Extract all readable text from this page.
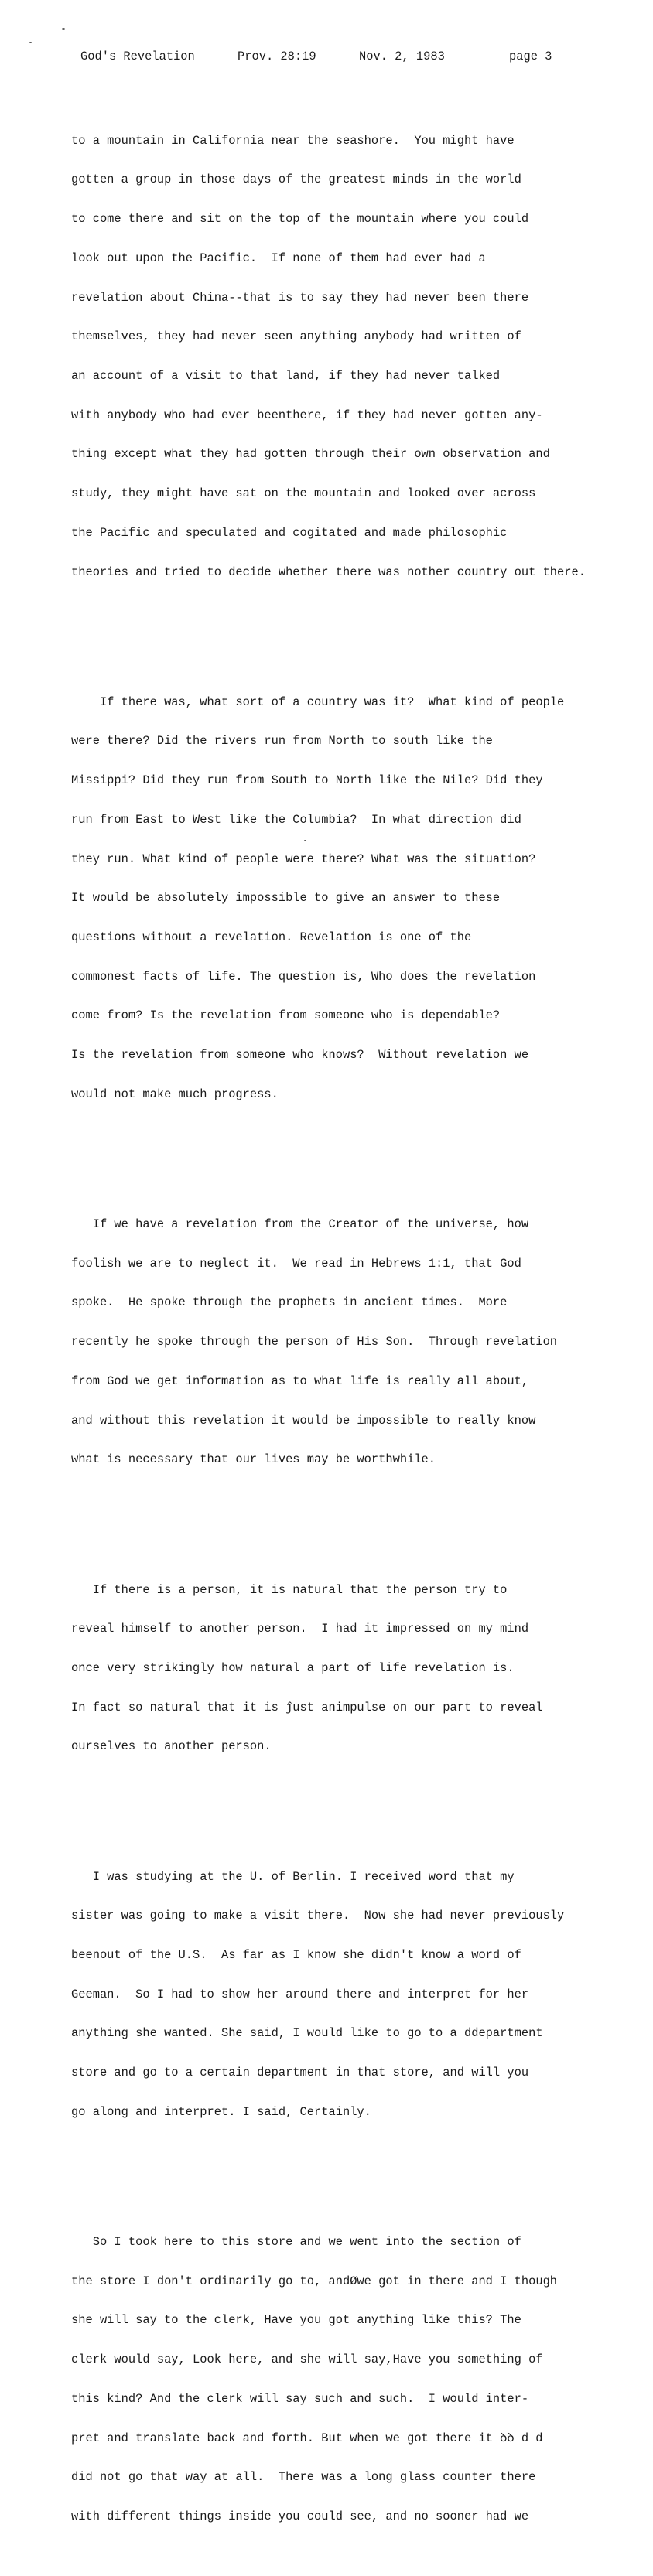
God's Revelation

	Prov. 28:19

	Nov. 2, 1983

	page 3

to a mountain in California near the seashore.  You might have

gotten a group in those days of the greatest minds in the world

to come there and sit on the top of the mountain where you could

look out upon the Pacific.  If none of them had ever had a

revelation about China--that is to say they had never been there

themselves, they had never seen anything anybody had written of

an account of a visit to that land, if they had never talked

with anybody who had ever beenthere, if they had never gotten any-

thing except what they had gotten through their own observation and

study, they might have sat on the mountain and looked over across

the Pacific and speculated and cogitated and made philosophic

theories and tried to decide whether there was nother country out there.

If there was, what sort of a country was it?  What kind of people

were there? Did the rivers run from North to south like the

Missippi? Did they run from South to North like the Nile? Did they

run from East to West like the Columbia?  In what direction did

they run. What kind of people were there? What was the situation?

It would be absolutely impossible to give an answer to these

questions without a revelation. Revelation is one of the

commonest facts of life. The question is, Who does the revelation

come from? Is the revelation from someone who is dependable?

Is the revelation from someone who knows?  Without revelation we

would not make much progress.

If we have a revelation from the Creator of the universe, how

foolish we are to neglect it.  We read in Hebrews 1:1, that God

spoke.  He spoke through the prophets in ancient times.  More

recently he spoke through the person of His Son.  Through revelation

from God we get information as to what life is really all about,

and without this revelation it would be impossible to really know

what is necessary that our lives may be worthwhile.

If there is a person, it is natural that the person try to

reveal himself to another person.  I had it impressed on my mind

once very strikingly how natural a part of life revelation is.

In fact so natural that it is ĵust animpulse on our part to reveal

ourselves to another person.

I was studying at the U. of Berlin. I received word that my

sister was going to make a visit there.  Now she had never previously

beenout of the U.S.  As far as I know she didn't know a word of

Geeman.  So I had to show her around there and interpret for her

anything she wanted. She said, I would like to go to a ddepartment

store and go to a certain department in that store, and will you

go along and interpret. I said, Certainly.

So I took here to this store and we went into the section of

the store I don't ordinarily go to, andØwe got in there and I though

she will say to the clerk, Have you got anything like this? The

clerk would say, Look here, and she will say,Have you something of

this kind? And the clerk will say such and such.  I would inter-

pret and translate back and forth. But when we got there it ꝺꝺ d d

did not go that way at all.  There was a long glass counter there

with different things inside you could see, and no sooner had we
